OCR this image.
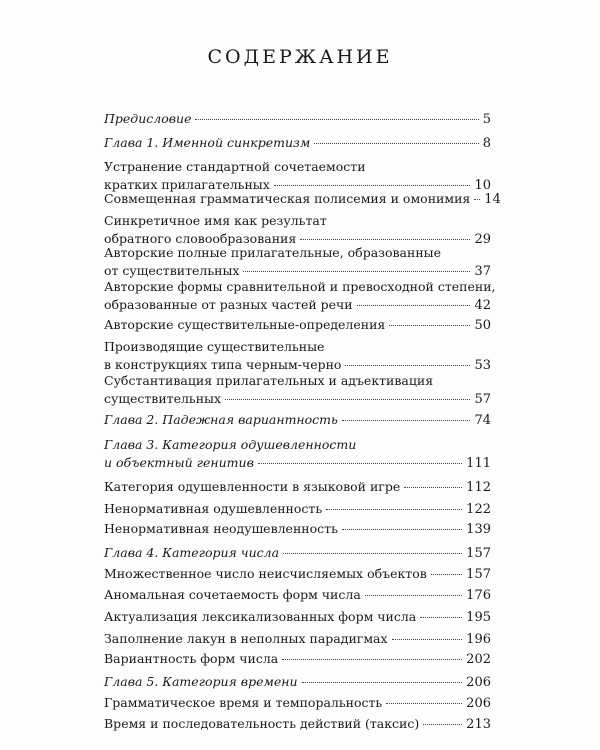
СОДЕРЖАНИЕ
Предисловие	5
Глава 1. Именной синкретизм	8
Устранение стандартной сочетаемости
кратких прилагательных	10
Совмещенная грамматическая полисемия и омонимия 14
Синкретичное имя как результат
обратного словообразования	29
Авторские полные прилагательные, образованные
от существительных	37
Авторские формы сравнительной и превосходной степени,
образованные от разных частей речи	42
Авторские существительные-определения	50
Производящие существительные
в конструкциях типа черным-черно	53
Субстантивация прилагательных и адъективация
существительных	57
Глава 2. Падежная вариантность	74
Глава 3. Категория одушевленности
и объектный генитив	111
Категория одушевленности в языковой игре	112
Ненормативная одушевленность	122
Ненормативная неодушевленность	139
Глава 4. Категория числа	157
Множественное число неисчисляемых объектов	157
Аномальная сочетаемость форм числа	176
Актуализация лексикализованных форм числа	195
Заполнение лакун в неполных парадигмах	196
Вариантность форм числа	202
Глава 5. Категория времени	206
Грамматическое время и темпоральность	206
Время и последовательность действий (таксис)	213
